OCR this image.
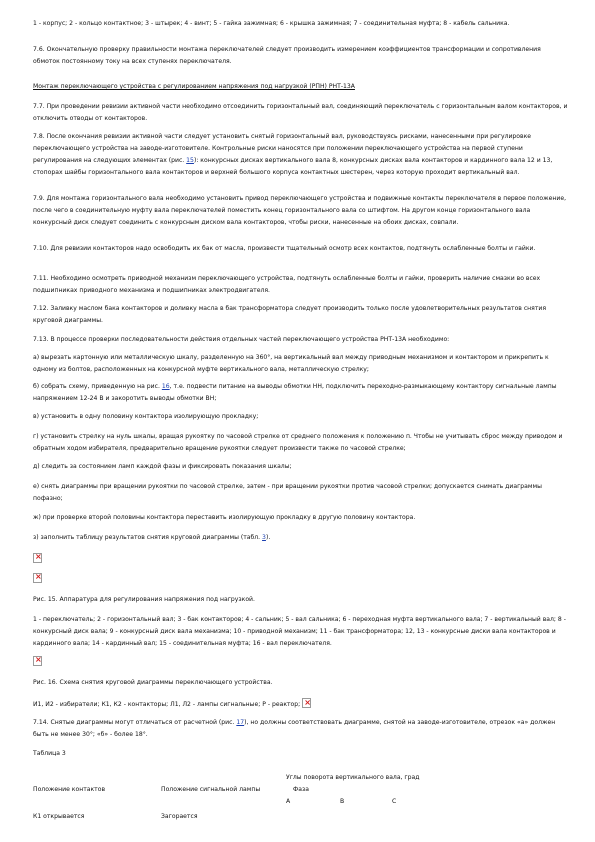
1 - корпус; 2 - кольцо контактное; 3 - штырек; 4 - винт; 5 - гайка зажимная; 6 - крышка зажимная; 7 - соединительная муфта; 8 - кабель сальника.

7.6. Окончательную проверку правильности монтажа переключателей следует производить измерением коэффициентов трансформации и сопротивления обмоток постоянному току на всех ступенях переключателя.

Монтаж переключающего устройства с регулированием напряжения под нагрузкой (РПН) РНТ-13А

7.7. При проведении ревизии активной части необходимо отсоединить горизонтальный вал, соединяющий переключатель с горизонтальным валом контакторов, и отключить отводы от контакторов.

7.8. После окончания ревизии активной части следует установить снятый горизонтальный вал, руководствуясь рисками, нанесенными при регулировке переключающего устройства на заводе-изготовителе. Контрольные риски наносятся при положении переключающего устройства на первой ступени регулирования на следующих элементах (рис. 15): конкурсных дисках вертикального вала 8, конкурсных дисках вала контакторов и кардинного вала 12 и 13, стопорах шайбы горизонтального вала контакторов и верхней большого корпуса контактных шестерен, через которую проходит вертикальный вал.

7.9. Для монтажа горизонтального вала необходимо установить привод переключающего устройства и подвижные контакты переключателя в первое положение, после чего в соединительную муфту вала переключателей поместить конец горизонтального вала со штифтом. На другом конце горизонтального вала конкурсный диск следует соединить с конкурсным диском вала контакторов, чтобы риски, нанесенные на обоих дисках, совпали.

7.10. Для ревизии контакторов надо освободить их бак от масла, произвести тщательный осмотр всех контактов, подтянуть ослабленные болты и гайки.

7.11. Необходимо осмотреть приводной механизм переключающего устройства, подтянуть ослабленные болты и гайки, проверить наличие смазки во всех подшипниках приводного механизма и подшипниках электродвигателя.

7.12. Заливку маслом бака контакторов и доливку масла в бак трансформатора следует производить только после удовлетворительных результатов снятия круговой диаграммы.

7.13. В процессе проверки последовательности действия отдельных частей переключающего устройства РНТ-13А необходимо:

а) вырезать картонную или металлическую шкалу, разделенную на 360°, на вертикальный вал между приводным механизмом и контактором и прикрепить к одному из болтов, расположенных на конкурсной муфте вертикального вала, металлическую стрелку;

б) собрать схему, приведенную на рис. 16, т.е. подвести питание на выводы обмотки НН, подключить переходно-размыкающему контактору сигнальные лампы напряжением 12-24 В и закоротить выводы обмотки ВН;

в) установить в одну половину контактора изолирующую прокладку;

г) установить стрелку на нуль шкалы, вращая рукоятку по часовой стрелке от среднего положения к положению п. Чтобы не учитывать сброс между приводом и обратным ходом избирателя, предварительно вращение рукоятки следует произвести также по часовой стрелке;

д) следить за состоянием ламп каждой фазы и фиксировать показания шкалы;

е) снять диаграммы при вращении рукоятки по часовой стрелке, затем - при вращении рукоятки против часовой стрелки; допускается снимать диаграммы пофазно;

ж) при проверке второй половины контактора переставить изолирующую прокладку в другую половину контактора.

з) заполнить таблицу результатов снятия круговой диаграммы (табл. 3).

×
×

Рис. 15. Аппаратура для регулирования напряжения под нагрузкой.

1 - переключатель; 2 - горизонтальный вал; 3 - бак контакторов; 4 - сальник; 5 - вал сальника; 6 - переходная муфта вертикального вала; 7 - вертикальный вал; 8 - конкурсный диск вала; 9 - конкурсный диск вала механизма; 10 - приводной механизм; 11 - бак трансформатора; 12, 13 - конкурсные диски вала контакторов и кардинного вала; 14 - кардинный вал; 15 - соединительная муфта; 16 - вал переключателя.

×

Рис. 16. Схема снятия круговой диаграммы переключающего устройства.

И1, И2 - избиратели; К1, К2 - контакторы; Л1, Л2 - лампы сигнальные; Р - реактор;×

7.14. Снятые диаграммы могут отличаться от расчетной (рис. 17), но должны соответствовать диаграмме, снятой на заводе-изготовителе, отрезок «а» должен быть не менее 30°; «б» - более 18°.

Таблица 3

Углы поворота вертикального вала, град
Положение контактов	Положение сигнальной лампы	Фаза
A	B	C
К1 открывается	Загорается
